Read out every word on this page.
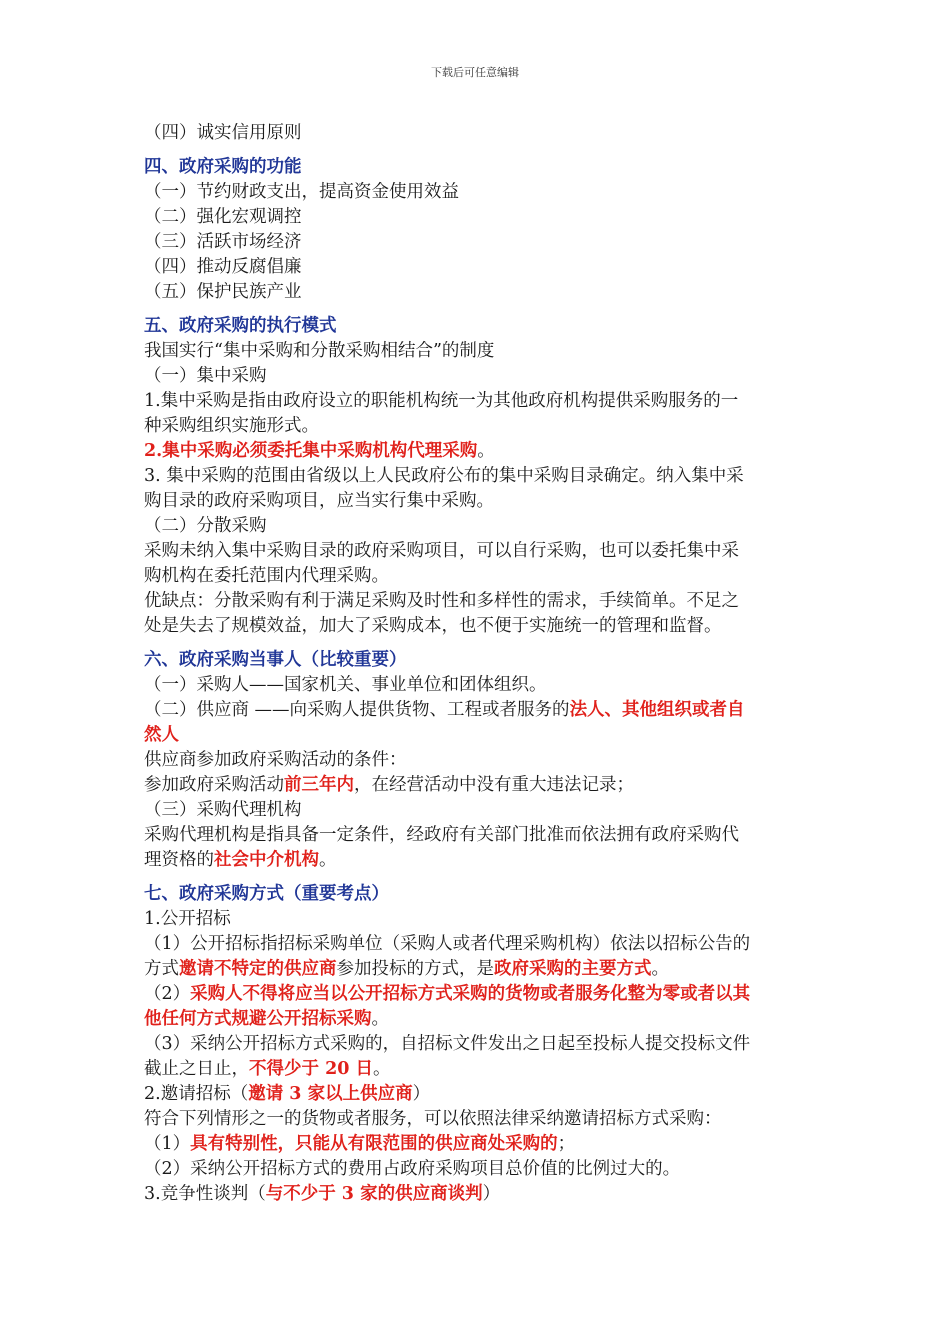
下载后可任意编辑
（四）诚实信用原则
四、政府采购的功能
（一）节约财政支出，提高资金使用效益
（二）强化宏观调控
（三）活跃市场经济
（四）推动反腐倡廉
（五）保护民族产业
五、政府采购的执行模式
我国实行“集中采购和分散采购相结合”的制度
（一）集中采购
1.集中采购是指由政府设立的职能机构统一为其他政府机构提供采购服务的一
种采购组织实施形式。
2.集中采购必须委托集中采购机构代理采购。
3. 集中采购的范围由省级以上人民政府公布的集中采购目录确定。纳入集中采
购目录的政府采购项目，应当实行集中采购。
（二）分散采购
采购未纳入集中采购目录的政府采购项目，可以自行采购，也可以委托集中采
购机构在委托范围内代理采购。
优缺点：分散采购有利于满足采购及时性和多样性的需求，手续简单。不足之
处是失去了规模效益，加大了采购成本，也不便于实施统一的管理和监督。
六、政府采购当事人（比较重要）
（一）采购人——国家机关、事业单位和团体组织。
（二）供应商 ——向采购人提供货物、工程或者服务的法人、其他组织或者自
然人
供应商参加政府采购活动的条件：
参加政府采购活动前三年内，在经营活动中没有重大违法记录；
（三）采购代理机构
采购代理机构是指具备一定条件，经政府有关部门批准而依法拥有政府采购代
理资格的社会中介机构。
七、政府采购方式（重要考点）
1.公开招标
（1）公开招标指招标采购单位（采购人或者代理采购机构）依法以招标公告的
方式邀请不特定的供应商参加投标的方式，是政府采购的主要方式。
（2）采购人不得将应当以公开招标方式采购的货物或者服务化整为零或者以其
他任何方式规避公开招标采购。
（3）采纳公开招标方式采购的，自招标文件发出之日起至投标人提交投标文件
截止之日止，不得少于 20 日。
2.邀请招标（邀请 3 家以上供应商）
符合下列情形之一的货物或者服务，可以依照法律采纳邀请招标方式采购：
（1）具有特别性，只能从有限范围的供应商处采购的；
（2）采纳公开招标方式的费用占政府采购项目总价值的比例过大的。
3.竞争性谈判（与不少于 3 家的供应商谈判）
